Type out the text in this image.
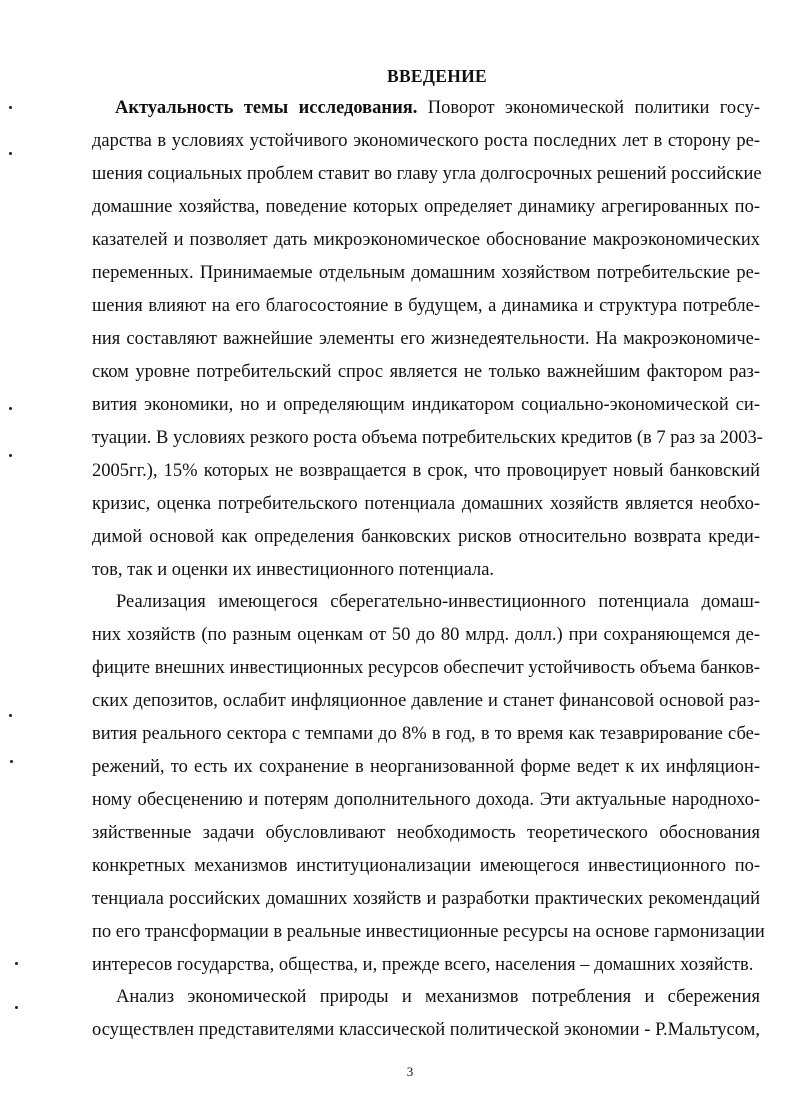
ВВЕДЕНИЕ
Актуальность темы исследования. Поворот экономической политики госу-
дарства в условиях устойчивого экономического роста последних лет в сторону ре-
шения социальных проблем ставит во главу угла долгосрочных решений российские
домашние хозяйства, поведение которых определяет динамику агрегированных по-
казателей и позволяет дать микроэкономическое обоснование макроэкономических
переменных. Принимаемые отдельным домашним хозяйством потребительские ре-
шения влияют на его благосостояние в будущем, а динамика и структура потребле-
ния составляют важнейшие элементы его жизнедеятельности. На макроэкономиче-
ском уровне потребительский спрос является не только важнейшим фактором раз-
вития экономики, но и определяющим индикатором социально-экономической си-
туации. В условиях резкого роста объема потребительских кредитов (в 7 раз за 2003-
2005гг.), 15% которых не возвращается в срок, что провоцирует новый банковский
кризис, оценка потребительского потенциала домашних хозяйств является необхо-
димой основой как определения банковских рисков относительно возврата креди-
тов, так и оценки их инвестиционного потенциала.
Реализация имеющегося сберегательно-инвестиционного потенциала домаш-
них хозяйств (по разным оценкам от 50 до 80 млрд. долл.) при сохраняющемся де-
фиците внешних инвестиционных ресурсов обеспечит устойчивость объема банков-
ских депозитов, ослабит инфляционное давление и станет финансовой основой раз-
вития реального сектора с темпами до 8% в год, в то время как тезаврирование сбе-
режений, то есть их сохранение в неорганизованной форме ведет к их инфляцион-
ному обесценению и потерям дополнительного дохода. Эти актуальные народнохо-
зяйственные задачи обусловливают необходимость теоретического обоснования
конкретных механизмов институционализации имеющегося инвестиционного по-
тенциала российских домашних хозяйств и разработки практических рекомендаций
по его трансформации в реальные инвестиционные ресурсы на основе гармонизации
интересов государства, общества, и, прежде всего, населения – домашних хозяйств.
Анализ экономической природы и механизмов потребления и сбережения
осуществлен представителями классической политической экономии - Р.Мальтусом,
3
